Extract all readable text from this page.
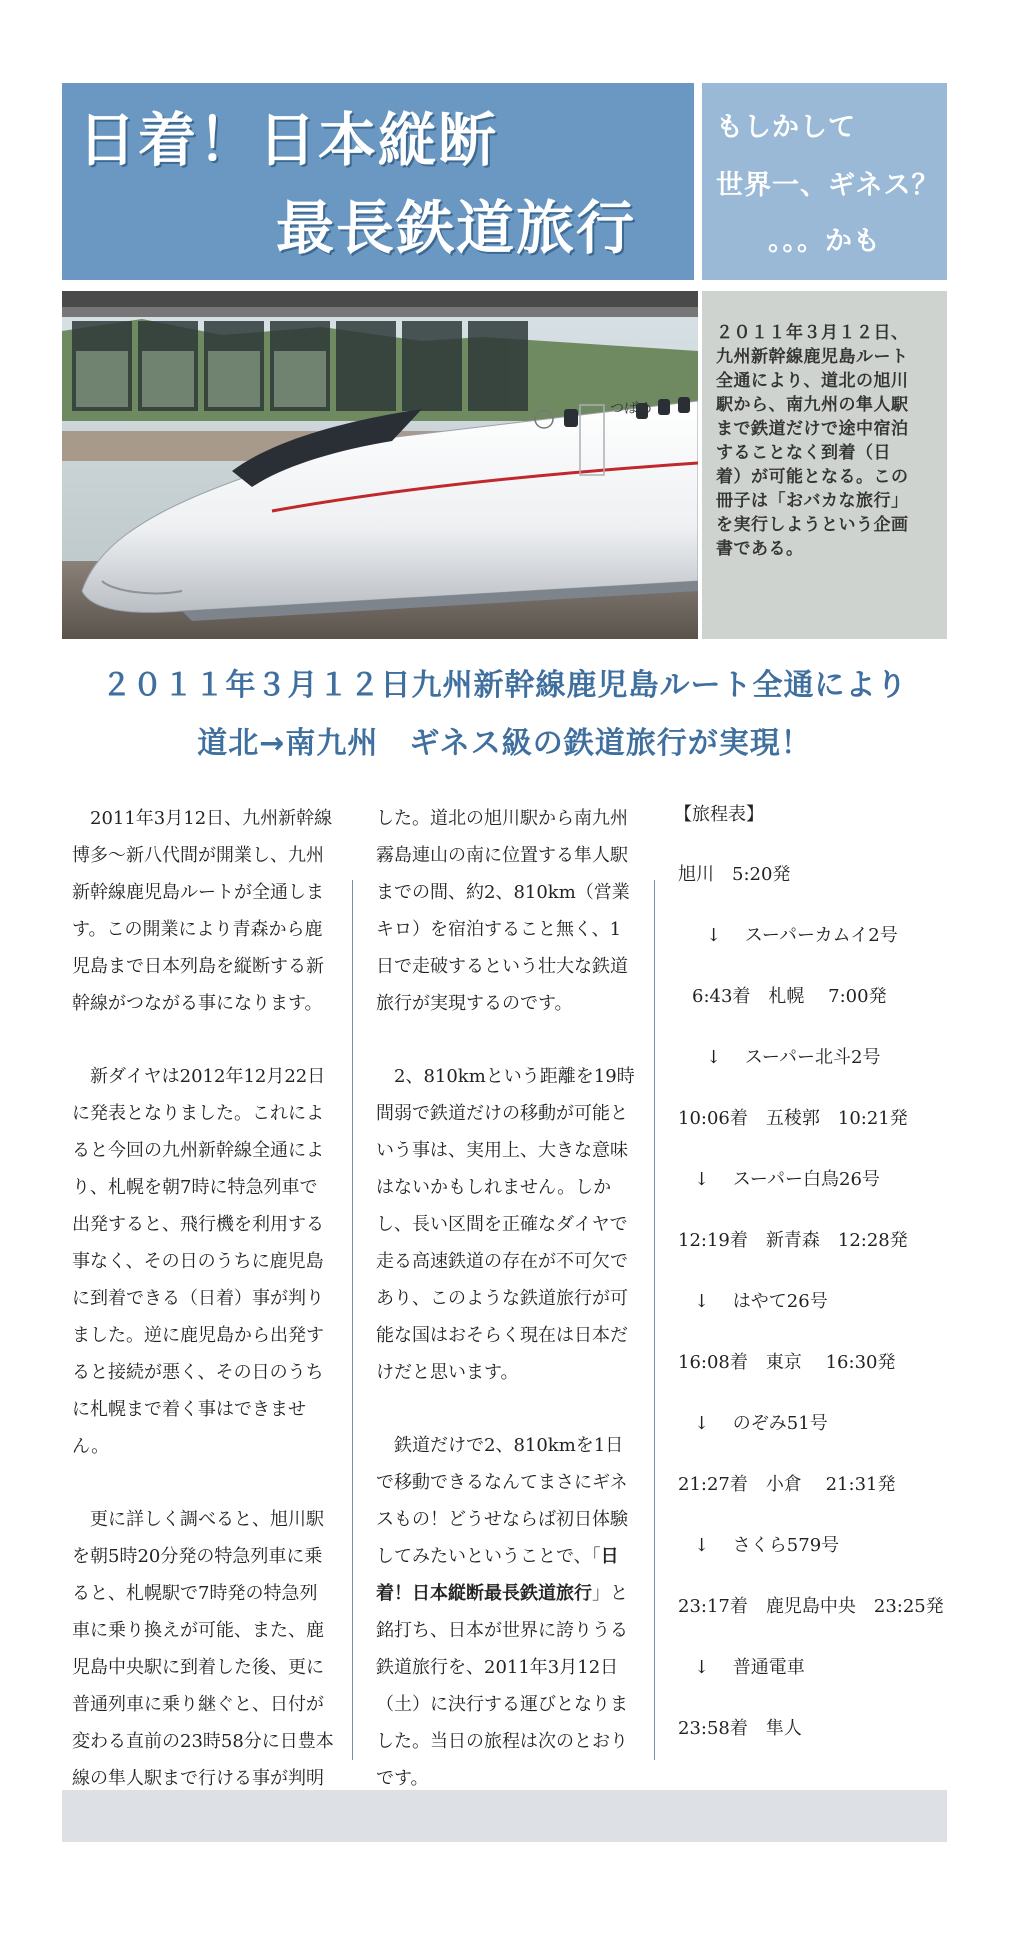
日着！日本縦断
最長鉄道旅行
もしかして
世界一、ギネス？
。。。かも
つばめ
２０１１年３月１２日、
九州新幹線鹿児島ルート
全通により、道北の旭川
駅から、南九州の隼人駅
まで鉄道だけで途中宿泊
することなく到着（日
着）が可能となる。この
冊子は「おバカな旅行」
を実行しようという企画
書である。
２０１１年３月１２日九州新幹線鹿児島ルート全通により
道北→南九州　ギネス級の鉄道旅行が実現！

2011年3月12日、九州新幹線博多～新八代間が開業し、九州新幹線鹿児島ルートが全通します。この開業により青森から鹿児島まで日本列島を縦断する新幹線がつながる事になります。

新ダイヤは2012年12月22日に発表となりました。これによると今回の九州新幹線全通により、札幌を朝7時に特急列車で出発すると、飛行機を利用する事なく、その日のうちに鹿児島に到着できる（日着）事が判りました。逆に鹿児島から出発すると接続が悪く、その日のうちに札幌まで着く事はできません。

更に詳しく調べると、旭川駅を朝5時20分発の特急列車に乗ると、札幌駅で7時発の特急列車に乗り換えが可能、また、鹿児島中央駅に到着した後、更に普通列車に乗り継ぐと、日付が変わる直前の23時58分に日豊本線の隼人駅まで行ける事が判明

した。道北の旭川駅から南九州霧島連山の南に位置する隼人駅までの間、約2、810km（営業キロ）を宿泊すること無く、1日で走破するという壮大な鉄道旅行が実現するのです。

2、810kmという距離を19時間弱で鉄道だけの移動が可能という事は、実用上、大きな意味はないかもしれません。しかし、長い区間を正確なダイヤで走る高速鉄道の存在が不可欠であり、このような鉄道旅行が可能な国はおそらく現在は日本だけだと思います。

鉄道だけで2、810kmを1日で移動できるなんてまさにギネスもの！どうせならば初日体験してみたいということで、「日着！日本縦断最長鉄道旅行」と銘打ち、日本が世界に誇りうる鉄道旅行を、2011年3月12日（土）に決行する運びとなりました。当日の旅程は次のとおりです。

【旅程表】
旭川　5:20発
↓　 スーパーカムイ2号
6:43着　札幌　 7:00発
↓　 スーパー北斗2号
10:06着　五稜郭　10:21発
↓　 スーパー白鳥26号
12:19着　新青森　12:28発
↓　 はやて26号
16:08着　東京　 16:30発
↓　 のぞみ51号
21:27着　小倉　 21:31発
↓　 さくら579号
23:17着　鹿児島中央　23:25発
↓　 普通電車
23:58着　隼人
